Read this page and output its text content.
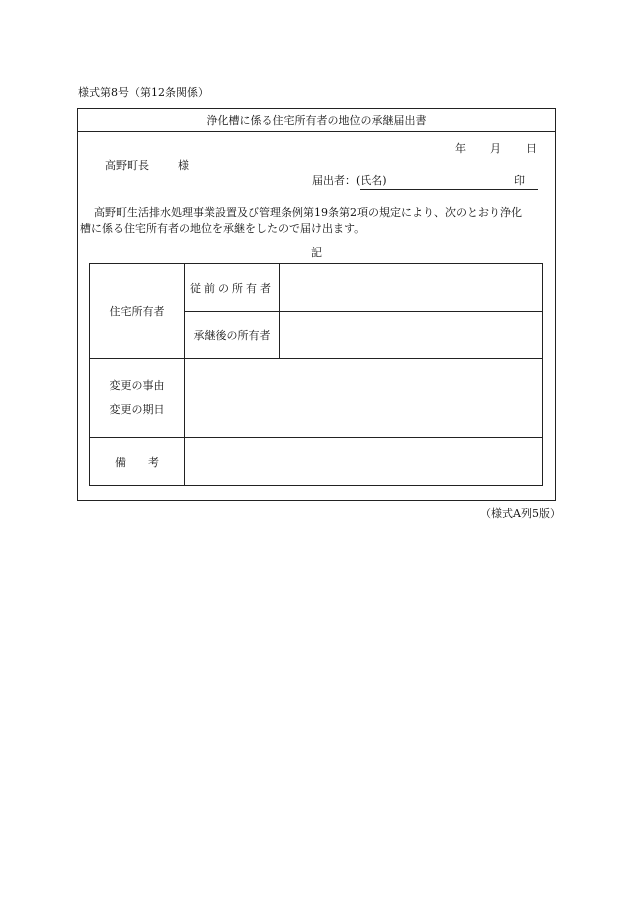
様式第8号（第12条関係）
浄化槽に係る住宅所有者の地位の承継届出書
年 月 日
高野町長	様
届出者：(氏名)	印
高野町生活排水処理事業設置及び管理条例第19条第2項の規定により、次のとおり浄化
槽に係る住宅所有者の地位を承継をしたので届け出ます。
記
住宅所有者	従前の所有者	
	承継後の所有者	

変更の事由
変更の期日		

備　　考		
（様式A列5版）
